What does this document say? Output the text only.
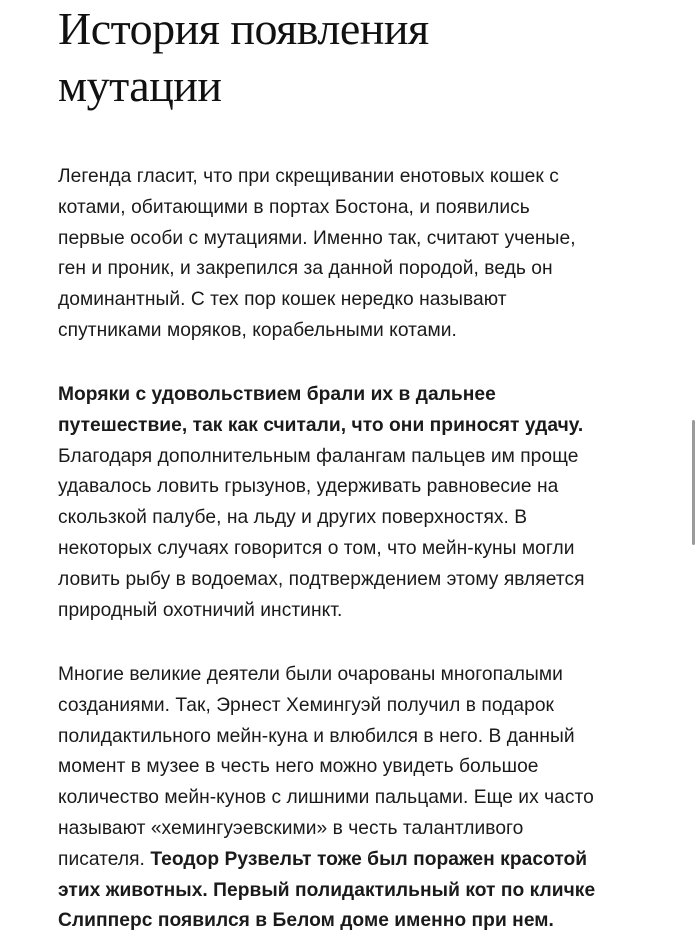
История появления
мутации

Легенда гласит, что при скрещивании енотовых кошек с
котами, обитающими в портах Бостона, и появились
первые особи с мутациями. Именно так, считают ученые,
ген и проник, и закрепился за данной породой, ведь он
доминантный. С тех пор кошек нередко называют
спутниками моряков, корабельными котами.

Моряки с удовольствием брали их в дальнее
путешествие, так как считали, что они приносят удачу.
Благодаря дополнительным фалангам пальцев им проще
удавалось ловить грызунов, удерживать равновесие на
скользкой палубе, на льду и других поверхностях. В
некоторых случаях говорится о том, что мейн-куны могли
ловить рыбу в водоемах, подтверждением этому является
природный охотничий инстинкт.

Многие великие деятели были очарованы многопалыми
созданиями. Так, Эрнест Хемингуэй получил в подарок
полидактильного мейн-куна и влюбился в него. В данный
момент в музее в честь него можно увидеть большое
количество мейн-кунов с лишними пальцами. Еще их часто
называют «хемингуэевскими» в честь талантливого
писателя. Теодор Рузвельт тоже был поражен красотой
этих животных. Первый полидактильный кот по кличке
Слипперс появился в Белом доме именно при нем.
